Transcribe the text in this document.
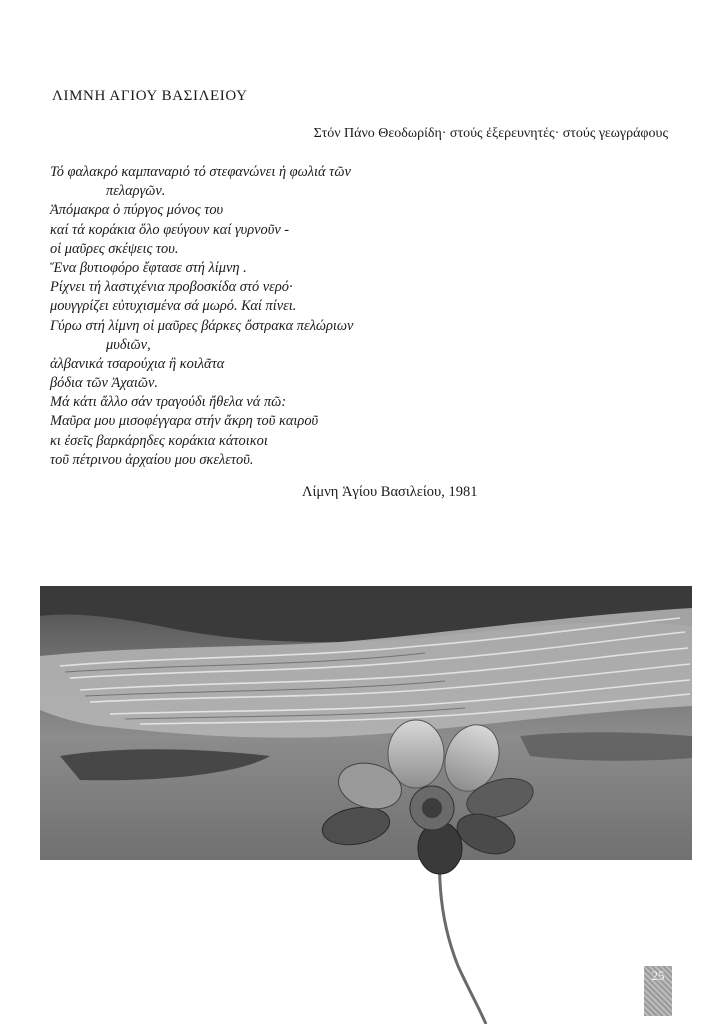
ΛΙΜΝΗ ΑΓΙΟΥ ΒΑΣΙΛΕΙΟΥ
Στόν Πάνο Θεοδωρίδη· στούς ἐξερευνητές· στούς γεωγράφους
Τό φαλακρό καμπαναριό τό στεφανώνει ἡ φωλιά τῶν
πελαργῶν.
Ἀπόμακρα ὁ πύργος μόνος του
καί τά κοράκια ὅλο φεύγουν καί γυρνοῦν -
οἱ μαῦρες σκέψεις του.
Ἕνα βυτιοφόρο ἔφτασε στή λίμνη .
Ρίχνει τή λαστιχένια προβοσκίδα στό νερό·
μουγγρίζει εὐτυχισμένα σά μωρό. Καί πίνει.
Γύρω στή λίμνη οἱ μαῦρες βάρκες ὄστρακα πελώριων
μυδιῶν,
ἀλβανικά τσαρούχια ἢ κοιλᾶτα
βόδια τῶν Ἀχαιῶν.
Μά κάτι ἄλλο σάν τραγούδι ἤθελα νά πῶ:
Μαῦρα μου μισοφέγγαρα στήν ἄκρη τοῦ καιροῦ
κι ἐσεῖς βαρκάρηδες κοράκια κάτοικοι
τοῦ πέτρινου ἀρχαίου μου σκελετοῦ.
Λίμνη Ἁγίου Βασιλείου, 1981
25
